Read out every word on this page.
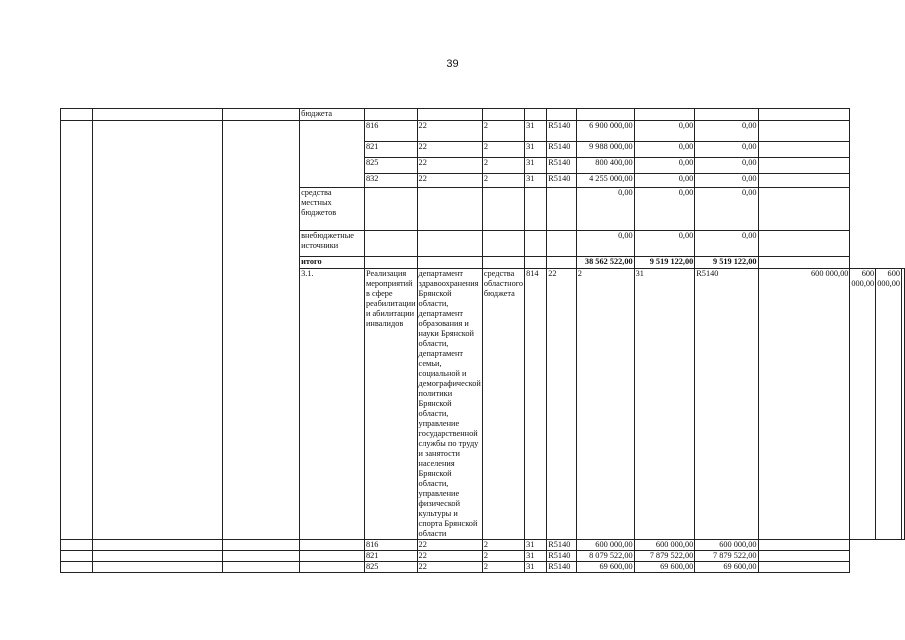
39
			бюджета												
				816	22	2	31	R5140	6 900 000,00	0,00	0,00				
				821	22	2	31	R5140	9 988 000,00	0,00	0,00				
				825	22	2	31	R5140	800 400,00	0,00	0,00				
				832	22	2	31	R5140	4 255 000,00	0,00	0,00				
			средства местных бюджетов						0,00	0,00	0,00				
			внебюджетные источники						0,00	0,00	0,00				
			итого						38 562 522,00	9 519 122,00	9 519 122,00				
			3.1.	Реализация мероприятий в сфере реабилитации и абилитации инвалидов	департамент здравоохранения Брянской области, департамент образования и науки Брянской области, департамент семьи, социальной и демографической политики Брянской области, управление государственной службы по труду и занятости населения Брянской области, управление физической культуры и спорта Брянской области	средства областного бюджета	814	22	2	31	R5140	600 000,00	600 000,00	600 000,00	
				816	22	2	31	R5140	600 000,00	600 000,00	600 000,00				
				821	22	2	31	R5140	8 079 522,00	7 879 522,00	7 879 522,00				
				825	22	2	31	R5140	69 600,00	69 600,00	69 600,00				
